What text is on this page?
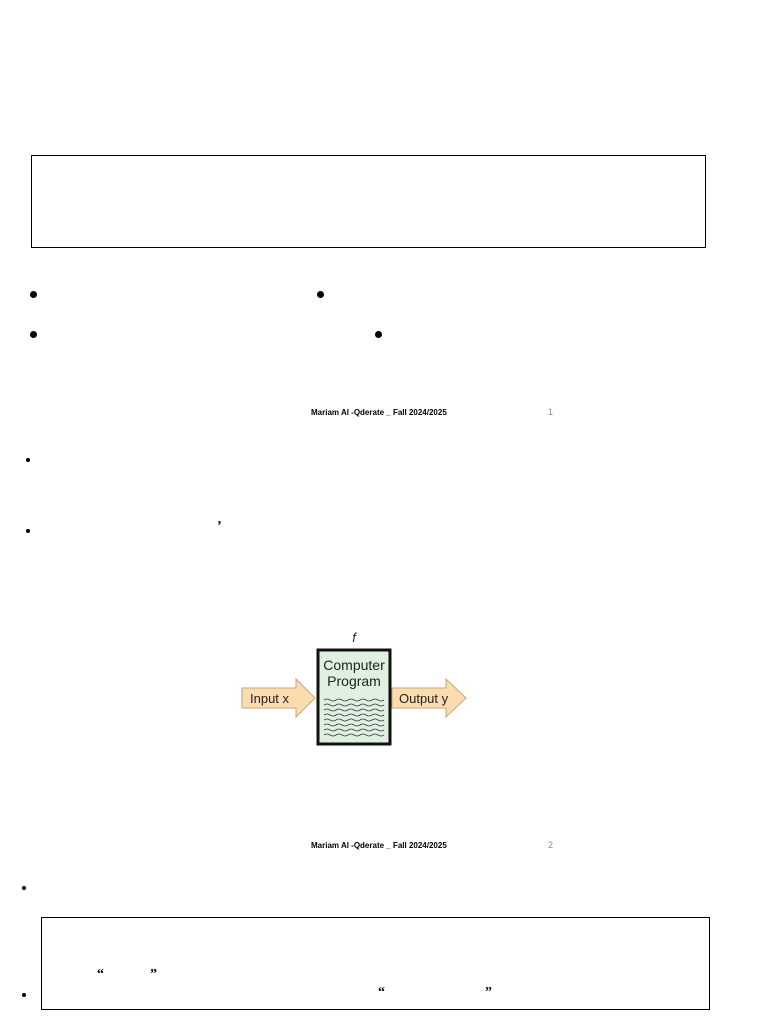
Mariam Al -Qderate _ Fall 2024/2025	1
’
f
Input x
Computer
Program
Output y
Mariam Al -Qderate _ Fall 2024/2025	2
“	”
“	”
